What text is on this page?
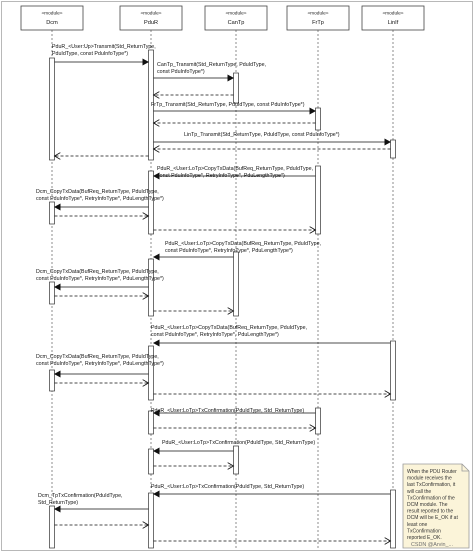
PduR_<User:Up>Transmit(Std_ReturnType,
PduIdType, const PduInfoType*)
CanTp_Transmit(Std_ReturnType, PduIdType,
const PduInfoType*)
FrTp_Transmit(Std_ReturnType, PduIdType, const PduInfoType*)
LinTp_Transmit(Std_ReturnType, PduIdType, const PduInfoType*)
PduR_<User:LoTp>CopyTxData(BufReq_ReturnType, PduIdType,
const PduInfoType*, RetryInfoType*, PduLengthType*)
Dcm_CopyTxData(BufReq_ReturnType, PduIdType,
const PduInfoType*, RetryInfoType*, PduLengthType*)
PduR_<User:LoTp>CopyTxData(BufReq_ReturnType, PduIdType,
const PduInfoType*, RetryInfoType*, PduLengthType*)
Dcm_CopyTxData(BufReq_ReturnType, PduIdType,
const PduInfoType*, RetryInfoType*, PduLengthType*)
PduR_<User:LoTp>CopyTxData(BufReq_ReturnType, PduIdType,
const PduInfoType*, RetryInfoType*, PduLengthType*)
Dcm_CopyTxData(BufReq_ReturnType, PduIdType,
const PduInfoType*, RetryInfoType*, PduLengthType*)
PduR_<User:LoTp>TxConfirmation(PduIdType, Std_ReturnType)
PduR_<User:LoTp>TxConfirmation(PduIdType, Std_ReturnType)
PduR_<User:LoTp>TxConfirmation(PduIdType, Std_ReturnType)
Dcm_TpTxConfirmation(PduIdType,
Std_ReturnType)
«module»
Dcm
«module»
PduR
«module»
CanTp
«module»
FrTp
«module»
LinIf
When the PDU Router module receives the last TxConfirmation, it will call the TxConfirmation of the DCM module. The result reported to the DCM will be E_OK if at least one TxConfirmation reported E_OK.
CSDN @Arvin_...
